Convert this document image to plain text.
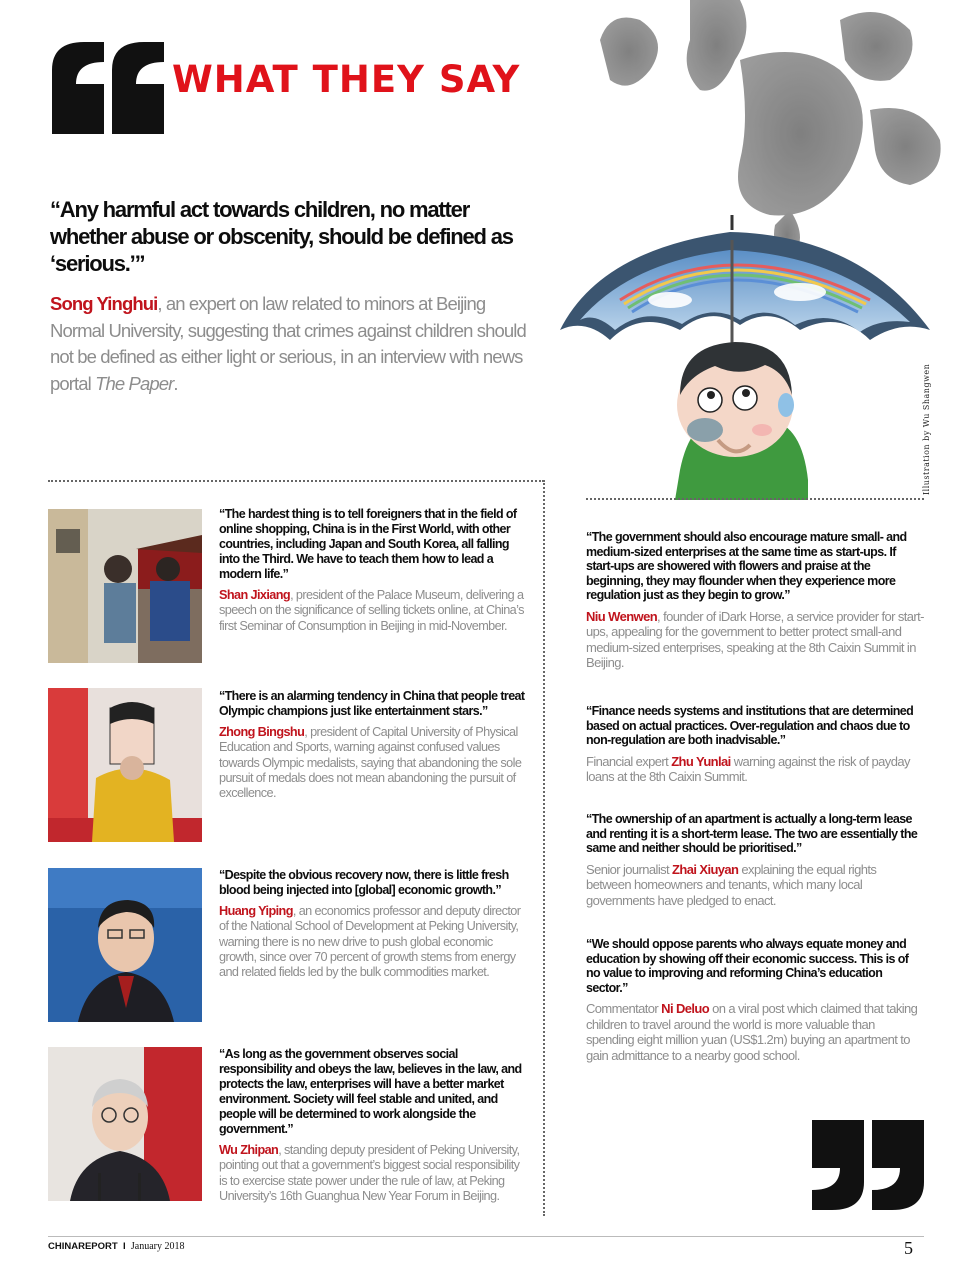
WHAT THEY SAY
Illustration by Wu Shangwen

“Any harmful act towards children, no matter whether abuse or obscenity, should be defined as ‘serious.’”

Song Yinghui, an expert on law related to minors at Beijing Normal University, suggesting that crimes against children should not be defined as either light or serious, in an interview with news portal The Paper.

“The hardest thing is to tell foreigners that in the field of online shopping, China is in the First World, with other countries, including Japan and South Korea, all falling into the Third. We have to teach them how to lead a modern life.”

Shan Jixiang, president of the Palace Museum, delivering a speech on the significance of selling tickets online, at China’s first Seminar of Consumption in Beijing in mid-November.

“There is an alarming tendency in China that people treat Olympic champions just like entertainment stars.”

Zhong Bingshu, president of Capital University of Physical Education and Sports, warning against confused values towards Olympic medalists, saying that abandoning the sole pursuit of medals does not mean abandoning the pursuit of excellence.

“Despite the obvious recovery now, there is little fresh blood being injected into [global] economic growth.”

Huang Yiping, an economics professor and deputy director of the National School of Development at Peking University, warning there is no new drive to push global economic growth, since over 70 percent of growth stems from energy and related fields led by the bulk commodities market.

“As long as the government observes social responsibility and obeys the law, believes in the law, and protects the law, enterprises will have a better market environment. Society will feel stable and united, and people will be determined to work alongside the government.”

Wu Zhipan, standing deputy president of Peking University, pointing out that a government’s biggest social responsibility is to exercise state power under the rule of law, at Peking University’s 16th Guanghua New Year Forum in Beijing.

“The government should also encourage mature small- and medium-sized enterprises at the same time as start-ups. If start-ups are showered with flowers and praise at the beginning, they may flounder when they experience more regulation just as they begin to grow.”

Niu Wenwen, founder of iDark Horse, a service provider for start-ups, appealing for the government to better protect small-and medium-sized enterprises, speaking at the 8th Caixin Summit in Beijing.

“Finance needs systems and institutions that are determined based on actual practices. Over-regulation and chaos due to non-regulation are both inadvisable.”

Financial expert Zhu Yunlai warning against the risk of payday loans at the 8th Caixin Summit.

“The ownership of an apartment is actually a long-term lease and renting it is a short-term lease. The two are essentially the same and neither should be prioritised.”

Senior journalist Zhai Xiuyan explaining the equal rights between homeowners and tenants, which many local governments have pledged to enact.

“We should oppose parents who always equate money and education by showing off their economic success. This is of no value to improving and reforming China’s education sector.”

Commentator Ni Deluo on a viral post which claimed that taking children to travel around the world is more valuable than spending eight million yuan (US$1.2m) buying an apartment to gain admittance to a nearby good school.

CHINAREPORT I January 2018	5
